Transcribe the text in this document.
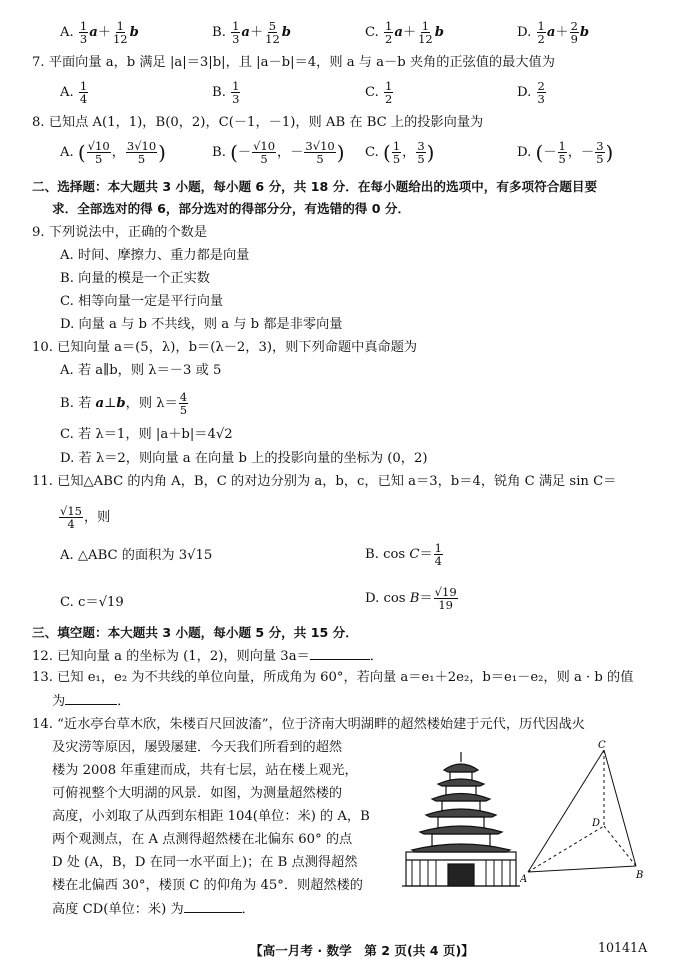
A. $\frac{1}{3} a+ \frac{1}{12}$ b	B. $\frac{1}{3} a+ \frac{5}{12}$ b	C. $\frac{1}{2} a+ \frac{1}{12}$ b	D. $\frac{1}{2} a+ \frac{2}{9}$ b
7. 平面向量 a，b 满足 |a|＝3|b|，且 |a－b|＝4，则 a 与 a－b 夹角的正弦值的最大值为
A. $\frac{1}{4}$	B. $\frac{1}{3}$	C. $\frac{1}{2}$	D. $\frac{2}{3}$
8. 已知点 A(1，1)，B(0，2)，C(－1，－1)，则 AB 在 BC 上的投影向量为
A. ( $\frac{√10}{5}$ ， $\frac{3√10}{5}$ )	B. (－ $\frac{√10}{5}$ ，－ $\frac{3√10}{5}$ ) C. ( $\frac{1}{5}$ ， $\frac{3}{5}$ )	D. (－ $\frac{1}{5}$ ，－ $\frac{3}{5}$ )
二、选择题：本大题共 3 小题，每小题 6 分，共 18 分．在每小题给出的选项中，有多项符合题目要
求．全部选对的得 6，部分选对的得部分分，有选错的得 0 分．
9. 下列说法中，正确的个数是
A. 时间、摩擦力、重力都是向量
B. 向量的模是一个正实数
C. 相等向量一定是平行向量
D. 向量 a 与 b 不共线，则 a 与 b 都是非零向量
10. 已知向量 a＝(5，λ)，b＝(λ－2，3)，则下列命题中真命题为
A. 若 a∥b，则 λ＝－3 或 5
B. 若 a⊥b，则 $\lambda= \frac{4}{5}$
C. 若 λ＝1，则 |a＋b|＝4√2
D. 若 λ＝2，则向量 a 在向量 b 上的投影向量的坐标为 (0，2)
11. 已知△ABC 的内角 A，B，C 的对边分别为 a，b，c，已知 a＝3，b＝4，锐角 C 满足 sin C＝
$\frac{√15}{4}$ ，则
A. △ABC 的面积为 3√15	B. $\cos C= \frac{1}{4}$
C. c＝√19	D. $\cos B= \frac{√19}{19}$
三、填空题：本大题共 3 小题，每小题 5 分，共 15 分．
12. 已知向量 a 的坐标为 (1，2)，则向量 3a＝	．
13. 已知 e₁，e₂ 为不共线的单位向量，所成角为 60°，若向量 a＝e₁＋2e₂，b＝e₁－e₂，则 a · b 的值
为	．
14. “近水亭台草木欣，朱楼百尺回波滀”，位于济南大明湖畔的超然楼始建于元代，历代因战火
及灾涝等原因，屡毁屡建．今天我们所看到的超然
楼为 2008 年重建而成，共有七层，站在楼上观光，
可俯视整个大明湖的风景．如图，为测量超然楼的
高度，小刘取了从西到东相距 104(单位：米) 的 A，B
两个观测点，在 A 点测得超然楼在北偏东 60° 的点
D 处 (A，B，D 在同一水平面上)；在 B 点测得超然
楼在北偏西 30°，楼顶 C 的仰角为 45°．则超然楼的
高度 CD(单位：米) 为	．
C
D
A	B
【高一月考 · 数学　第 2 页(共 4 页)】	10141A
